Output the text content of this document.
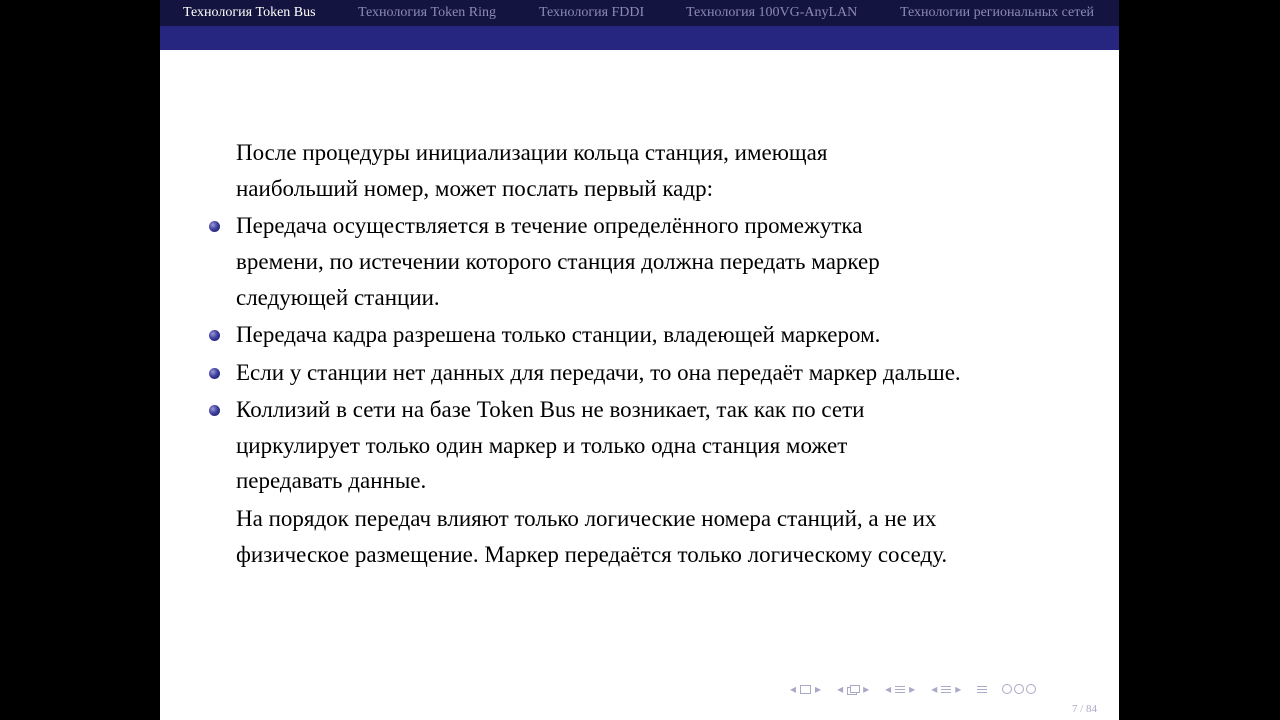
Технология Token Bus	Технология Token Ring	Технология FDDI	Технология 100VG-AnyLAN	Технологии региональных сетей
После процедуры инициализации кольца станция, имеющая
наибольший номер, может послать первый кадр:
Передача осуществляется в течение определённого промежутка
времени, по истечении которого станция должна передать маркер
следующей станции.
Передача кадра разрешена только станции, владеющей маркером.
Если у станции нет данных для передачи, то она передаёт маркер дальше.
Коллизий в сети на базе Token Bus не возникает, так как по сети
циркулирует только один маркер и только одна станция может
передавать данные.
На порядок передач влияют только логические номера станций, а не их
физическое размещение. Маркер передаётся только логическому соседу.
◂ ▸ ◂ ▸ ◂ ▸ ◂ ▸
7 / 84
